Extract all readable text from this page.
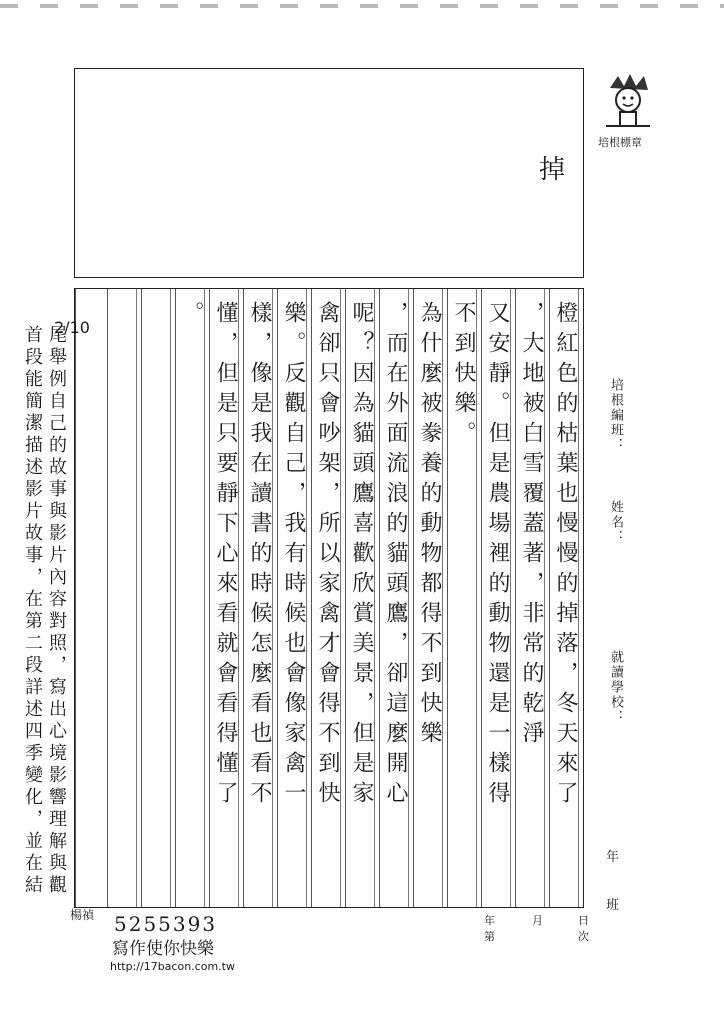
掉
培根標章
橙紅色的枯葉也慢慢的掉落，冬天來了
，大地被白雪覆蓋著，非常的乾淨
又安靜。但是農場裡的動物還是一樣得
不到快樂。
為什麼被豢養的動物都得不到快樂
，而在外面流浪的貓頭鷹，卻這麼開心
呢？因為貓頭鷹喜歡欣賞美景，但是家
禽卻只會吵架，所以家禽才會得不到快
樂。反觀自己，我有時候也會像家禽一
樣，像是我在讀書的時候怎麼看也看不
懂，但是只要靜下心來看就會看得懂了
。
2/10
尾舉例自己的故事與影片內容對照，寫出心境影響理解與觀
首段能簡潔描述影片故事，在第二段詳述四季變化，並在結	培根編班：
姓名：
就讀學校：
年
班
年	月	日
第	次
楊禎 5255393
寫作使你快樂
http://17bacon.com.tw
